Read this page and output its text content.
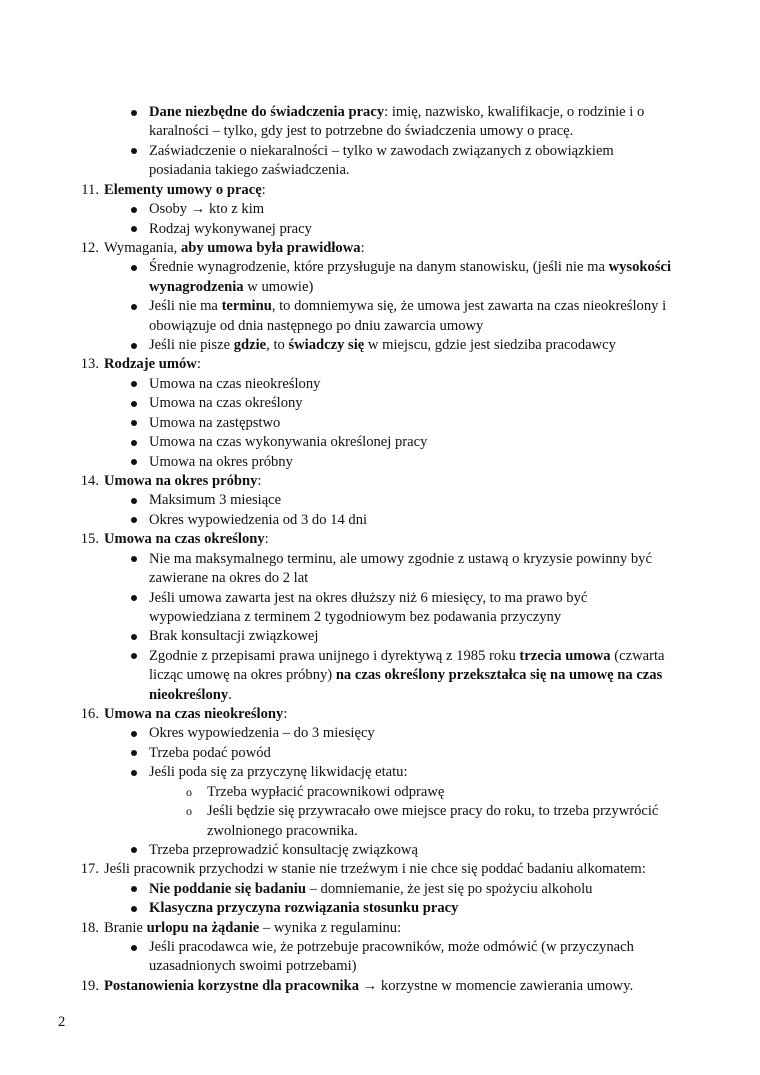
Dane niezbędne do świadczenia pracy: imię, nazwisko, kwalifikacje, o rodzinie i o
karalności – tylko, gdy jest to potrzebne do świadczenia umowy o pracę.
Zaświadczenie o niekaralności – tylko w zawodach związanych z obowiązkiem
posiadania takiego zaświadczenia.
11. Elementy umowy o pracę:
Osoby → kto z kim
Rodzaj wykonywanej pracy
12. Wymagania, aby umowa była prawidłowa:
Średnie wynagrodzenie, które przysługuje na danym stanowisku, (jeśli nie ma wysokości
wynagrodzenia w umowie)
Jeśli nie ma terminu, to domniemywa się, że umowa jest zawarta na czas nieokreślony i
obowiązuje od dnia następnego po dniu zawarcia umowy
Jeśli nie pisze gdzie, to świadczy się w miejscu, gdzie jest siedziba pracodawcy
13. Rodzaje umów:
Umowa na czas nieokreślony
Umowa na czas określony
Umowa na zastępstwo
Umowa na czas wykonywania określonej pracy
Umowa na okres próbny
14. Umowa na okres próbny:
Maksimum 3 miesiące
Okres wypowiedzenia od 3 do 14 dni
15. Umowa na czas określony:
Nie ma maksymalnego terminu, ale umowy zgodnie z ustawą o kryzysie powinny być
zawierane na okres do 2 lat
Jeśli umowa zawarta jest na okres dłuższy niż 6 miesięcy, to ma prawo być
wypowiedziana z terminem 2 tygodniowym bez podawania przyczyny
Brak konsultacji związkowej
Zgodnie z przepisami prawa unijnego i dyrektywą z 1985 roku trzecia umowa (czwarta
licząc umowę na okres próbny) na czas określony przekształca się na umowę na czas
nieokreślony.
16. Umowa na czas nieokreślony:
Okres wypowiedzenia – do 3 miesięcy
Trzeba podać powód
Jeśli poda się za przyczynę likwidację etatu:
o Trzeba wypłacić pracownikowi odprawę
o Jeśli będzie się przywracało owe miejsce pracy do roku, to trzeba przywrócić
zwolnionego pracownika.
Trzeba przeprowadzić konsultację związkową
17. Jeśli pracownik przychodzi w stanie nie trzeźwym i nie chce się poddać badaniu alkomatem:
Nie poddanie się badaniu – domniemanie, że jest się po spożyciu alkoholu
Klasyczna przyczyna rozwiązania stosunku pracy
18. Branie urlopu na żądanie – wynika z regulaminu:
Jeśli pracodawca wie, że potrzebuje pracowników, może odmówić (w przyczynach
uzasadnionych swoimi potrzebami)
19. Postanowienia korzystne dla pracownika → korzystne w momencie zawierania umowy.
2
